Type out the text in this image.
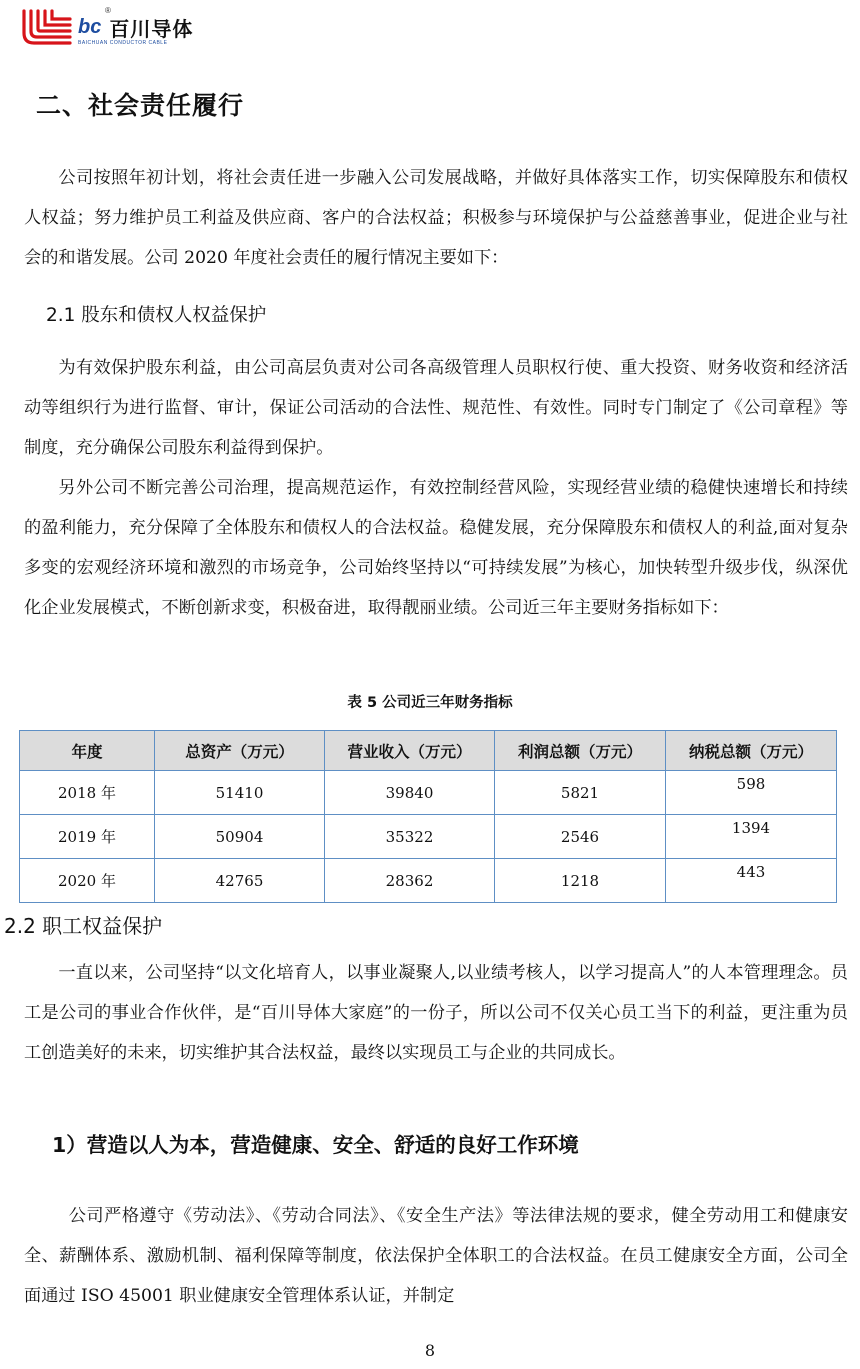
bc
®
BAICHUAN CONDUCTOR CABLE
百川导体
二、社会责任履行

公司按照年初计划，将社会责任进一步融入公司发展战略，并做好具体落实工作，切实保障股东和债权人权益；努力维护员工利益及供应商、客户的合法权益；积极参与环境保护与公益慈善事业，促进企业与社会的和谐发展。公司 2020 年度社会责任的履行情况主要如下：

2.1 股东和债权人权益保护

为有效保护股东利益，由公司高层负责对公司各高级管理人员职权行使、重大投资、财务收资和经济活动等组织行为进行监督、审计，保证公司活动的合法性、规范性、有效性。同时专门制定了《公司章程》等制度，充分确保公司股东利益得到保护。

另外公司不断完善公司治理，提高规范运作，有效控制经营风险，实现经营业绩的稳健快速增长和持续的盈利能力，充分保障了全体股东和债权人的合法权益。稳健发展，充分保障股东和债权人的利益,面对复杂多变的宏观经济环境和激烈的市场竞争，公司始终坚持以“可持续发展”为核心，加快转型升级步伐，纵深优化企业发展模式，不断创新求变，积极奋进，取得靓丽业绩。公司近三年主要财务指标如下：

表 5 公司近三年财务指标
年度	总资产（万元）	营业收入（万元）	利润总额（万元）	纳税总额（万元）
2018 年	51410	39840	5821	598
2019 年	50904	35322	2546	1394
2020 年	42765	28362	1218	443
2.2 职工权益保护

一直以来，公司坚持“以文化培育人，以事业凝聚人,以业绩考核人，以学习提高人”的人本管理理念。员工是公司的事业合作伙伴，是“百川导体大家庭”的一份子，所以公司不仅关心员工当下的利益，更注重为员工创造美好的未来，切实维护其合法权益，最终以实现员工与企业的共同成长。

1）营造以人为本，营造健康、安全、舒适的良好工作环境

公司严格遵守《劳动法》、《劳动合同法》、《安全生产法》等法律法规的要求，健全劳动用工和健康安全、薪酬体系、激励机制、福利保障等制度，依法保护全体职工的合法权益。在员工健康安全方面，公司全面通过 ISO 45001 职业健康安全管理体系认证，并制定

8
